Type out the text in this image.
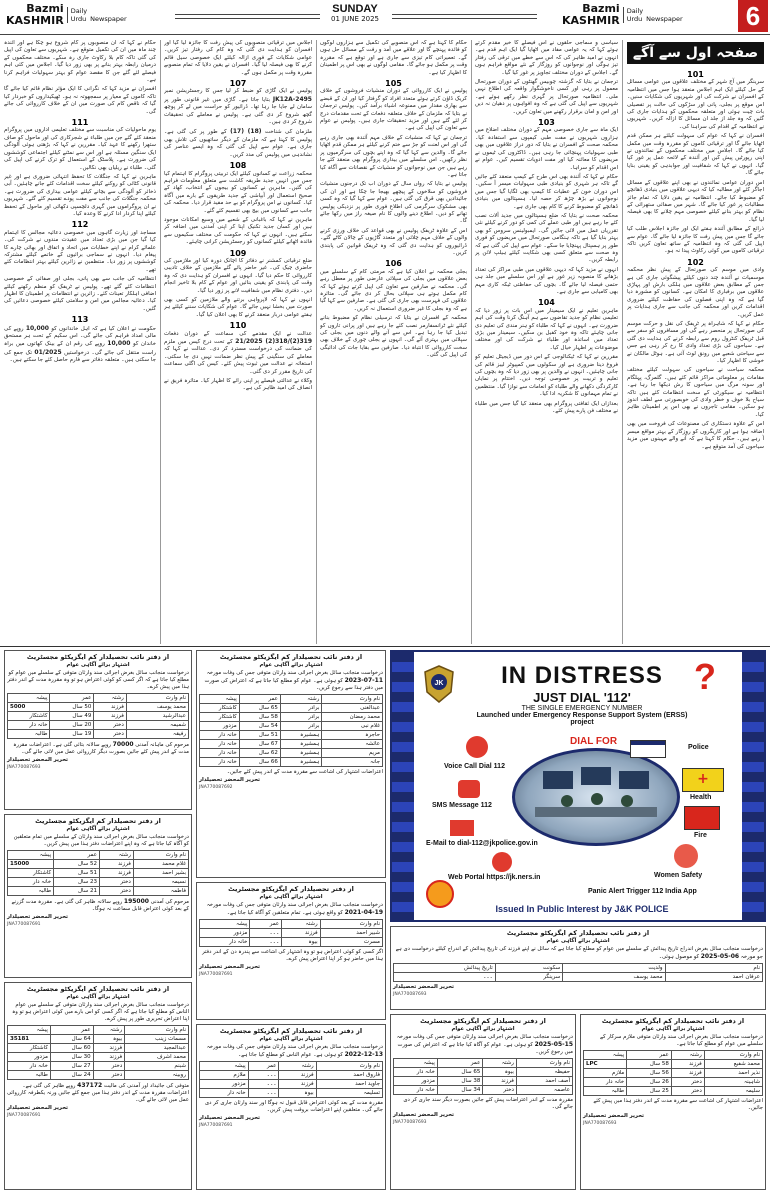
Bazmi
KASHMIR
Daily
Urdu Newspaper
SUNDAY
01 JUNE 2025
Bazmi
KASHMIR
Daily
Urdu Newspaper 6
صفحہ اول سے آگے
101

سرینگر میں آج شہر کے مختلف علاقوں میں عوامی مسائل کے حل کیلئے ایک اہم اجلاس منعقد ہوا جس میں انتظامیہ کے افسران نے شرکت کی اور شہریوں کی شکایات سنیں۔ اس موقع پر بجلی، پانی اور سڑکوں کی حالت پر تفصیلی بات چیت ہوئی اور متعلقہ محکموں کو ہدایات جاری کی گئیں کہ وہ جلد از جلد ان مسائل کا ازالہ کریں۔ شہریوں نے انتظامیہ کے اقدام کی سراہنا کی۔

افسران نے کہا کہ عوام کی سہولت کیلئے ہر ممکن قدم اٹھایا جائے گا اور ترقیاتی کاموں کو مقررہ وقت میں مکمل کیا جائے گا۔ اجلاس میں مختلف محکموں کے نمائندوں نے اپنی رپورٹیں پیش کیں اور آئندہ کے لائحہ عمل پر غور کیا گیا۔ انہوں نے کہا کہ شفافیت اور جوابدہی کو یقینی بنایا جائے گا۔

اس دوران عوامی نمائندوں نے بھی اپنے علاقوں کے مسائل اجاگر کئے اور مطالبہ کیا کہ دیہی علاقوں میں بنیادی ڈھانچے کو مضبوط کیا جائے۔ انتظامیہ نے یقین دلایا کہ تمام جائز مطالبات پر غور کیا جائے گا۔ شہر میں صفائی ستھرائی کے نظام کو بہتر بنانے کیلئے خصوصی مہم چلانے کا بھی فیصلہ لیا گیا۔

ذرائع کے مطابق آئندہ ہفتے ایک اور جائزہ اجلاس طلب کیا جائے گا جس میں پیش رفت کا جائزہ لیا جائے گا۔ عوام سے اپیل کی گئی کہ وہ انتظامیہ کے ساتھ تعاون کریں تاکہ ترقیاتی کاموں میں کوئی رکاوٹ پیدا نہ ہو۔

102

وادی میں موسم کی صورتحال کے پیش نظر محکمہ موسمیات نے آئندہ چند دنوں کیلئے پیشگوئی جاری کی ہے جس کے مطابق بعض علاقوں میں ہلکی بارش اور پہاڑی علاقوں میں برفباری کا امکان ہے۔ کسانوں کو مشورہ دیا گیا ہے کہ وہ اپنی فصلوں کی حفاظت کیلئے ضروری اقدامات کریں اور محکمہ کی جانب سے جاری ہدایات پر عمل کریں۔

حکام نے کہا کہ شاہراہ پر ٹریفک کی نقل و حرکت موسم کی صورتحال پر منحصر رہے گی اور مسافروں کو سفر سے قبل ٹریفک کنٹرول روم سے رابطہ کرنے کی ہدایت دی گئی ہے۔ سیاحوں کی بڑی تعداد وادی کا رخ کر رہی ہے جس سے سیاحتی شعبے میں رونق لوٹ آئی ہے۔ ہوٹل مالکان نے خوشی کا اظہار کیا۔

محکمہ سیاحت نے سیاحوں کی سہولت کیلئے مختلف مقامات پر معلوماتی مراکز قائم کئے ہیں۔ گلمرگ، پہلگام اور سونہ مرگ میں سیاحوں کا رش دیکھا جا رہا ہے۔ انتظامیہ نے سیکورٹی کے سخت انتظامات کئے ہیں تاکہ سیاح بلا خوف و خطر وادی کی خوبصورتی سے لطف اندوز ہو سکیں۔ مقامی تاجروں نے بھی اس پر اطمینان ظاہر کیا۔

اس کے علاوہ دستکاری کی مصنوعات کی فروخت میں بھی اضافہ ہوا ہے اور کاریگروں کو روزگار کے بہتر مواقع میسر آ رہے ہیں۔ حکام کا کہنا ہے کہ آنے والے مہینوں میں مزید سیاحوں کی آمد متوقع ہے۔

سیاسی و سماجی حلقوں نے اس فیصلے کا خیر مقدم کرتے ہوئے کہا کہ یہ عوامی مفاد میں اٹھایا گیا ایک اہم قدم ہے۔ انہوں نے امید ظاہر کی کہ اس سے خطے میں ترقی کی رفتار تیز ہوگی اور نوجوانوں کو روزگار کے نئے مواقع فراہم ہوں گے۔ اجلاس کے دوران مختلف تجاویز پر غور کیا گیا۔

ترجمان نے بتایا کہ گزشتہ چوبیس گھنٹوں کے دوران صورتحال معمول پر رہی اور کسی ناخوشگوار واقعہ کی اطلاع نہیں ملی۔ انتظامیہ صورتحال پر گہری نظر رکھے ہوئے ہے۔ شہریوں سے اپیل کی گئی ہے کہ وہ افواہوں پر دھیان نہ دیں اور امن و امان برقرار رکھنے میں تعاون کریں۔

103

ایک ماہ سے جاری خصوصی مہم کے دوران مختلف اضلاع میں ہزاروں شہریوں نے مفت طبی کیمپوں سے استفادہ کیا۔ محکمہ صحت کے افسران نے بتایا کہ دور دراز علاقوں میں بھی طبی سہولیات پہنچائی جا رہی ہیں۔ ڈاکٹروں کی ٹیموں نے مریضوں کا معائنہ کیا اور مفت ادویات تقسیم کیں۔ عوام نے اس اقدام کو سراہا۔

حکام نے کہا کہ آئندہ بھی اس طرح کے کیمپ منعقد کئے جائیں گے تاکہ ہر شہری کو بنیادی طبی سہولیات میسر آ سکیں۔ اس دوران خون کے عطیات کا کیمپ بھی لگایا گیا جس میں نوجوانوں نے بڑھ چڑھ کر حصہ لیا۔ ہسپتالوں میں بنیادی ڈھانچے کو مضبوط کرنے کا کام بھی جاری ہے۔

محکمہ صحت نے بتایا کہ ضلع ہسپتالوں میں جدید آلات نصب کئے جا رہے ہیں اور طبی عملے کی کمی کو دور کرنے کیلئے نئی تقرریاں عمل میں لائی جائیں گی۔ ایمبولینس سروس کو بھی بہتر بنایا گیا ہے تاکہ ہنگامی صورتحال میں مریضوں کو فوری طور پر ہسپتال پہنچایا جا سکے۔ عوام سے اپیل کی گئی ہے کہ وہ صحت سے متعلق کسی بھی شکایت کیلئے ہیلپ لائن پر رابطہ کریں۔

انہوں نے مزید کہا کہ دیہی علاقوں میں طبی مراکز کی تعداد بڑھانے کا منصوبہ زیر غور ہے اور اس سلسلے میں جلد ہی حتمی فیصلہ لیا جائے گا۔ بچوں کی حفاظتی ٹیکہ کاری مہم بھی کامیابی سے جاری ہے۔

104

ماہرین تعلیم نے ایک سیمینار میں اس بات پر زور دیا کہ تعلیمی نظام کو جدید تقاضوں سے ہم آہنگ کرنا وقت کی اہم ضرورت ہے۔ انہوں نے کہا کہ طلباء کو ہنر مندی کی تعلیم دی جانی چاہئے تاکہ وہ خود کفیل بن سکیں۔ سیمینار میں بڑی تعداد میں اساتذہ اور طلباء نے شرکت کی اور مختلف موضوعات پر اظہار خیال کیا۔

مقررین نے کہا کہ ٹیکنالوجی کے اس دور میں ڈیجیٹل تعلیم کو فروغ دینا ضروری ہے اور سکولوں میں کمپیوٹر لیبز قائم کی جانی چاہئیں۔ انہوں نے والدین پر بھی زور دیا کہ وہ بچوں کی تعلیم و تربیت پر خصوصی توجہ دیں۔ اختتام پر نمایاں کارکردگی دکھانے والے طلباء کو انعامات سے نوازا گیا۔ منتظمین نے تمام مہمانوں کا شکریہ ادا کیا۔

بعدازاں ایک ثقافتی پروگرام بھی منعقد کیا گیا جس میں طلباء نے مختلف فن پارے پیش کئے۔

حکام کا کہنا ہے کہ اس منصوبے کی تکمیل سے ہزاروں لوگوں کو فائدہ پہنچے گا اور علاقے میں آمد و رفت کے مسائل حل ہوں گے۔ تعمیراتی کام تیزی سے جاری ہے اور توقع ہے کہ مقررہ وقت پر مکمل ہو جائے گا۔ مقامی لوگوں نے بھی اس پر اطمینان کا اظہار کیا ہے۔

105

پولیس نے ایک کارروائی کے دوران منشیات فروشوں کے خلاف کریک ڈاؤن کرتے ہوئے متعدد افراد کو گرفتار کیا اور ان کے قبضے سے بھاری مقدار میں ممنوعہ اشیاء برآمد کیں۔ پولیس ترجمان نے بتایا کہ ملزمان کے خلاف متعلقہ دفعات کے تحت مقدمات درج کر لئے گئے ہیں اور مزید تحقیقات جاری ہیں۔ پولیس نے عوام سے تعاون کی اپیل کی ہے۔

ترجمان نے کہا کہ منشیات کے خلاف مہم آئندہ بھی جاری رہے گی اور اس لعنت کو جڑ سے ختم کرنے کیلئے ہر ممکن قدم اٹھایا جائے گا۔ والدین سے کہا گیا کہ وہ اپنے بچوں کی سرگرمیوں پر نظر رکھیں۔ اس سلسلے میں بیداری پروگرام بھی منعقد کئے جا رہے ہیں جن میں نوجوانوں کو منشیات کے نقصانات سے آگاہ کیا جاتا ہے۔

پولیس نے بتایا کہ رواں سال کے دوران اب تک درجنوں منشیات فروشوں کو سلاخوں کے پیچھے بھیجا جا چکا ہے اور ان کی جائیدادیں بھی قرق کی گئی ہیں۔ عوام سے کہا گیا کہ وہ کسی بھی مشکوک سرگرمی کی اطلاع فوری طور پر نزدیکی پولیس تھانے کو دیں۔ اطلاع دینے والوں کا نام صیغہ راز میں رکھا جائے گا۔

اس کے علاوہ ٹریفک پولیس نے بھی قواعد کی خلاف ورزی کرنے والوں کے خلاف مہم چلائی اور متعدد گاڑیوں کے چالان کاٹے گئے۔ ڈرائیوروں کو ہدایت دی گئی کہ وہ ٹریفک قوانین کی پابندی کریں۔

106

بجلی محکمہ نے اعلان کیا ہے کہ مرمتی کام کے سلسلے میں بعض علاقوں میں بجلی کی سپلائی عارضی طور پر معطل رہے گی۔ محکمہ نے صارفین سے تعاون کی اپیل کرتے ہوئے کہا کہ کام مکمل ہوتے ہی سپلائی بحال کر دی جائے گی۔ متاثرہ علاقوں کی فہرست بھی جاری کی گئی ہے۔ صارفین سے کہا گیا ہے کہ وہ بجلی کا غیر ضروری استعمال نہ کریں۔

محکمہ کے افسران نے بتایا کہ ترسیلی نظام کو مضبوط بنانے کیلئے نئے ٹرانسفارمر نصب کئے جا رہے ہیں اور پرانی تاروں کو تبدیل کیا جا رہا ہے۔ اس سے آنے والے دنوں میں بجلی کی سپلائی میں بہتری آئے گی۔ انہوں نے بجلی چوری کے خلاف بھی سخت کارروائی کا انتباہ دیا۔ صارفین سے بقایا جات کی ادائیگی کی اپیل کی گئی۔

اجلاس میں ترقیاتی منصوبوں کی پیش رفت کا جائزہ لیا گیا اور افسران کو ہدایت دی گئی کہ وہ کام کی رفتار تیز کریں۔ عوامی شکایات کے فوری ازالہ کیلئے ایک خصوصی سیل قائم کرنے کا بھی فیصلہ لیا گیا۔ افسران نے یقین دلایا کہ تمام منصوبے مقررہ وقت پر مکمل ہوں گے۔

107

پولیس نے ایک گاڑی کو ضبط کر لیا جس کا رجسٹریشن نمبر JK12A-2495 بتایا جاتا ہے۔ گاڑی میں غیر قانونی طور پر سامان لے جایا جا رہا تھا۔ ڈرائیور کو حراست میں لے کر پوچھ گچھ شروع کر دی گئی ہے۔ پولیس نے معاملے کی تحقیقات شروع کر دی ہیں۔

ملزمان کی شناخت (18) (17) کے طور پر کی گئی ہے۔ پولیس کا کہنا ہے کہ ملزمان کے دیگر ساتھیوں کی تلاش بھی جاری ہے۔ عوام سے اپیل کی گئی کہ وہ ایسے عناصر کی نشاندہی میں پولیس کی مدد کریں۔

108

محکمہ زراعت نے کسانوں کیلئے ایک تربیتی پروگرام کا اہتمام کیا جس میں انہیں جدید طریقہ کاشت سے متعلق معلومات فراہم کی گئیں۔ ماہرین نے کسانوں کو بیجوں کے انتخاب، کھاد کے صحیح استعمال اور آبپاشی کے جدید طریقوں کے بارے میں آگاہ کیا۔ کسانوں نے اس پروگرام کو بے حد مفید قرار دیا۔ محکمہ کی جانب سے کسانوں میں بیج بھی تقسیم کئے گئے۔

ماہرین نے کہا کہ باغبانی کے شعبے میں وسیع امکانات موجود ہیں اور کسان جدید تکنیک اپنا کر اپنی آمدنی میں اضافہ کر سکتے ہیں۔ انہوں نے کہا کہ حکومت کی مختلف سکیموں سے فائدہ اٹھانے کیلئے کسانوں کو رجسٹریشن کرانی چاہئے۔

109

ضلع ترقیاتی کمشنر نے دفاتر کا اچانک دورہ کیا اور ملازمین کی حاضری چیک کی۔ غیر حاضر پائے گئے ملازمین کے خلاف تادیبی کارروائی کا حکم دیا گیا۔ انہوں نے افسران کو ہدایت دی کہ وہ وقت کی پابندی کو یقینی بنائیں اور عوام کے کام بلا تاخیر انجام دیں۔ دفتری نظام میں شفافیت لانے پر زور دیا گیا۔

انہوں نے کہا کہ لاپرواہی برتنے والے ملازمین کو کسی بھی صورت میں بخشا نہیں جائے گا۔ عوام کی شکایات سننے کیلئے ہر ہفتے عوامی دربار منعقد کرنے کا بھی اعلان کیا گیا۔

110

عدالت نے ایک مقدمے کی سماعت کے دوران دفعات 319(2)/318(2) 21/2025 کے تحت درج کیس میں ملزم کی ضمانت کی درخواست مسترد کر دی۔ عدالت نے کہا کہ معاملے کی سنگینی کے پیش نظر ضمانت نہیں دی جا سکتی۔ استغاثہ نے عدالت میں ثبوت پیش کئے۔ کیس کی اگلی سماعت کی تاریخ مقرر کر دی گئی۔

وکلاء نے عدالتی فیصلے پر اپنی رائے کا اظہار کیا۔ متاثرہ فریق نے انصاف کی امید ظاہر کی ہے۔

حکام نے کہا کہ ان منصوبوں پر کام شروع ہو چکا ہے اور آئندہ چند ماہ میں ان کی تکمیل متوقع ہے۔ شہریوں سے تعاون کی اپیل کی گئی تاکہ کام بلا رکاوٹ جاری رہ سکے۔ مختلف محکموں کے درمیان رابطہ بہتر بنانے پر بھی زور دیا گیا۔ اجلاس میں کئی اہم فیصلے لئے گئے جن کا مقصد عوام کو بہتر سہولیات فراہم کرنا ہے۔

افسران نے مزید کہا کہ نگرانی کا ایک مؤثر نظام قائم کیا جائے گا تاکہ کاموں کے معیار پر سمجھوتہ نہ ہو۔ ٹھیکیداروں کو خبردار کیا گیا کہ ناقص کام کی صورت میں ان کے خلاف کارروائی کی جائے گی۔

111

یوم ماحولیات کی مناسبت سے مختلف تعلیمی اداروں میں پروگرام منعقد کئے گئے جن میں طلباء نے شجرکاری کی اور ماحول کو صاف ستھرا رکھنے کا عہد کیا۔ مقررین نے کہا کہ بڑھتی ہوئی آلودگی ایک سنگین مسئلہ ہے اور اس سے نمٹنے کیلئے اجتماعی کوششوں کی ضرورت ہے۔ پلاسٹک کے استعمال کو ترک کرنے کی اپیل کی گئی۔ طلباء نے ریلیاں بھی نکالیں۔

ماہرین نے کہا کہ جنگلات کا تحفظ انتہائی ضروری ہے اور غیر قانونی کٹائی کو روکنے کیلئے سخت اقدامات کئے جانے چاہئیں۔ آبی ذخائر کو آلودگی سے بچانے کیلئے عوامی بیداری کی ضرورت ہے۔ محکمہ جنگلات کی جانب سے مفت پودے تقسیم کئے گئے۔ شہریوں نے ان پروگراموں میں گہری دلچسپی دکھائی اور ماحول کے تحفظ کیلئے اپنا کردار ادا کرنے کا وعدہ کیا۔

112

مساجد اور زیارت گاہوں میں خصوصی دعائیہ مجالس کا اہتمام کیا گیا جن میں بڑی تعداد میں عقیدت مندوں نے شرکت کی۔ علمائے کرام نے اپنے خطابات میں اتحاد و اتفاق اور بھائی چارے کا پیغام دیا۔ انہوں نے سماجی برائیوں کے خاتمے کیلئے مشترکہ کوششوں پر زور دیا۔ منتظمین نے زائرین کیلئے بہتر انتظامات کئے تھے۔

انتظامیہ کی جانب سے بھی پانی، بجلی اور صفائی کے خصوصی انتظامات کئے گئے تھے۔ پولیس نے ٹریفک کو منظم رکھنے کیلئے اضافی اہلکار تعینات کئے۔ زائرین نے انتظامات پر اطمینان کا اظہار کیا۔ دعائیہ مجالس میں امن و سلامتی کیلئے خصوصی دعائیں کی گئیں۔

113

حکومت نے اعلان کیا ہے کہ اہل خاندانوں کو 10,000 روپے کی مالی امداد فراہم کی جائے گی۔ اس سکیم کے تحت ہر مستحق خاندان کو 10,000 روپے کی رقم ان کے بینک کھاتوں میں براہ راست منتقل کی جائے گی۔ درخواستیں 01/2025 تک جمع کی جا سکتی ہیں۔ متعلقہ دفاتر سے فارم حاصل کئے جا سکتے ہیں۔

از دفتر نائب تحصیلدار کم ایگزیکٹو مجسٹریٹ
اشتہار برائے آگاہی عوام

درخواست منجانب سائل بغرض اجرائی سند وارثان متوفی کے سلسلے میں عوام کو مطلع کیا جاتا ہے کہ اگر کسی کو کوئی اعتراض ہو تو وہ مقررہ مدت کے اندر دفتر ہذا میں پیش کرے۔

نام وارث	رشتہ	عمر	پیشہ
محمد یوسف	فرزند	50 سال	5000
عبدالرشید	فرزند	49 سال	کاشتکار
شمیمہ	دختر	20 سال	خانہ دار
رفیقہ	دختر	19 سال	طالبہ

مرحوم کی ماہانہ آمدنی 70000 روپے سالانہ بتائی گئی ہے۔ اعتراضات مقررہ مدت کے اندر پیش کئے جائیں بصورت دیگر کارروائی عمل میں لائی جائے گی۔

تحریر المحضر تحصیلدار
JNA770087693
از دفتر تحصیلدار کم ایگزیکٹو مجسٹریٹ
اشتہار برائے آگاہی عوام

درخواست منجانب سائل بغرض اجرائی سند وارثان کے سلسلے میں تمام متعلقین کو آگاہ کیا جاتا ہے کہ وہ اپنے اعتراضات دفتر ہذا میں پیش کریں۔

نام وارث	رشتہ	عمر	پیشہ
غلام محمد	فرزند	52 سال	15000
بشیر احمد	فرزند	51 سال	کاشتکار
نسیمہ	دختر	23 سال	خانہ دار
فاطمہ	دختر	21 سال	طالبہ

مرحوم کی آمدنی 195000 روپے سالانہ ظاہر کی گئی ہے۔ مقررہ مدت گزرنے کے بعد کوئی اعتراض قابل سماعت نہ ہوگا۔

تحریر المحضر تحصیلدار
JNA770087691
از دفتر نائب تحصیلدار کم ایگزیکٹو مجسٹریٹ
اشتہار برائے آگاہی عوام

درخواست منجانب سائل بغرض اجرائی سند وارثان متوفی کے سلسلے میں عوام الناس کو مطلع کیا جاتا ہے کہ اگر کسی کو اس بارے میں کوئی اعتراض ہو تو وہ اپنا اعتراض تحریری طور پر پیش کرے۔

نام وارث	رشتہ	عمر	پیشہ
مسمات زینب	بیوہ	64 سال	35181
عبدالمجید	فرزند	60 سال	کاشتکار
محمد اشرف	فرزند	30 سال	مزدور
شبنم	دختر	27 سال	خانہ دار
روبینہ	دختر	24 سال	طالبہ

متوفی کی جائیداد اور آمدنی کی مالیت 437172 روپے ظاہر کی گئی ہے۔ اعتراضات مقررہ مدت کے اندر دفتر ہذا میں جمع کئے جائیں ورنہ یکطرفہ کارروائی عمل میں لائی جائے گی۔

تحریر المحضر تحصیلدار
JNA770087691
از دفتر نائب تحصیلدار کم ایگزیکٹو مجسٹریٹ
اشتہار برائے آگاہی عوام

درخواست منجانب سائل بغرض اجرائی سند وارثان متوفی جس کی وفات مورخہ 11-07-2023 کو ہوئی ہے۔ عوام کو مطلع کیا جاتا ہے کہ اعتراض کی صورت میں دفتر ہذا سے رجوع کریں۔

نام وارث	رشتہ	عمر	پیشہ
عبدالغنی	برادر	65 سال	کاشتکار
محمد رمضان	برادر	58 سال	کاشتکار
غلام نبی	برادر	54 سال	مزدور
حاجرہ	ہمشیرہ	51 سال	خانہ دار
عائشہ	ہمشیرہ	67 سال	خانہ دار
مریم	ہمشیرہ	62 سال	خانہ دار
جانہ	ہمشیرہ	66 سال	خانہ دار

اعتراضات اشتہار کی اشاعت سے مقررہ مدت کے اندر پیش کئے جائیں۔

تحریر المحضر تحصیلدار
JNA770087692
از دفتر تحصیلدار کم ایگزیکٹو مجسٹریٹ
اشتہار برائے آگاہی عوام

درخواست منجانب سائل بغرض اجرائی سند وارثان متوفی جس کی وفات مورخہ 19-04-2021 کو واقع ہوئی ہے۔ تمام متعلقین کو آگاہ کیا جاتا ہے۔

نام وارث	رشتہ	عمر	پیشہ
شبیر احمد	فرزند	۔۔۔	مزدور
مسرت	بیوہ	۔۔۔	خانہ دار

اگر کسی کو کوئی اعتراض ہو تو وہ اشتہار کی اشاعت سے پندرہ دن کے اندر دفتر ہذا میں حاضر ہو کر اپنا اعتراض پیش کرے۔

تحریر المحضر تحصیلدار
JNA770087691
از دفتر نائب تحصیلدار کم ایگزیکٹو مجسٹریٹ
اشتہار برائے آگاہی عوام

درخواست منجانب سائل بغرض اجرائی سند وارثان متوفی جس کی وفات مورخہ 13-12-2022 کو ہوئی ہے۔ عوام الناس کو مطلع کیا جاتا ہے۔

نام وارث	رشتہ	عمر	پیشہ
فاروق احمد	فرزند	۔۔۔	ملازم
جاوید احمد	فرزند	۔۔۔	مزدور
تسلیمہ	بیوہ	۔۔۔	خانہ دار

مقررہ مدت کے بعد کوئی اعتراض قابل قبول نہ ہوگا اور سند وارثان جاری کر دی جائے گی۔ متعلقین اپنے اعتراضات بروقت پیش کریں۔

تحریر المحضر تحصیلدار
JNA770087691
JK	IN DISTRESS
JUST DIAL '112'
THE SINGLE EMERGENCY NUMBER
Launched under Emergency Response Support System (ERSS) project
?
DIAL FOR
Voice Call Dial 112
SMS Message 112
E-Mail to dial-112@jkpolice.gov.in
Web Portal https://jk.ners.in
Police
+
Health
Fire
Women Safety
Panic Alert Trigger 112 India App
Issued In Public Interest by J&K POLICE
از دفتر نائب تحصیلدار کم ایگزیکٹو مجسٹریٹ
اشتہار برائے آگاہی عوام

درخواست منجانب سائل بغرض اندراج تاریخ پیدائش کے سلسلے میں عوام کو مطلع کیا جاتا ہے کہ سائل نے اپنے فرزند کی تاریخ پیدائش کے اندراج کیلئے درخواست دی ہے جو مورخہ 06-05-2025 کو موصول ہوئی۔

نام	ولدیت	سکونت	تاریخ پیدائش
عرفان احمد	محمد یوسف	سرینگر	۔۔۔
تحریر المحضر تحصیلدار
JNA770087693
از دفتر تحصیلدار کم ایگزیکٹو مجسٹریٹ
اشتہار برائے آگاہی عوام

درخواست منجانب سائل بغرض اجرائی سند وارثان متوفی جس کی وفات مورخہ 15-05-2025 کو ہوئی ہے۔ عوام کو آگاہ کیا جاتا ہے کہ اعتراض کی صورت میں رجوع کریں۔

نام وارث	رشتہ	عمر	پیشہ
حفیظہ	بیوہ	65 سال	خانہ دار
آصف احمد	فرزند	38 سال	مزدور
عاصمہ	دختر	34 سال	خانہ دار

مقررہ مدت کے اندر اعتراضات پیش کئے جائیں بصورت دیگر سند جاری کر دی جائے گی۔

تحریر المحضر تحصیلدار
JNA770087693
از دفتر نائب تحصیلدار کم ایگزیکٹو مجسٹریٹ
اشتہار برائے آگاہی عوام

درخواست منجانب سائل بغرض اجرائی سند وارثان متوفی ملازم سرکار کے سلسلے میں عوام کو مطلع کیا جاتا ہے۔

نام وارث	رشتہ	عمر	پیشہ
محمد شفیع	فرزند	58 سال	LPC
نذیر احمد	فرزند	56 سال	ملازم
شاہینہ	دختر	26 سال	خانہ دار
سلیمہ	دختر	25 سال	طالبہ

اعتراضات اشتہار کی اشاعت سے مقررہ مدت کے اندر دفتر ہذا میں پیش کئے جائیں۔

تحریر المحضر تحصیلدار
JNA770087693
